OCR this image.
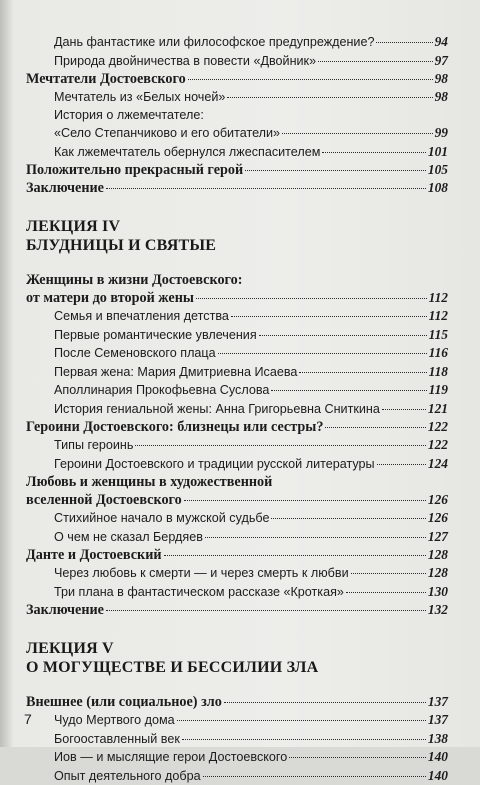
Дань фантастике или философское предупреждение?	94
Природа двойничества в повести «Двойник»	97
Мечтатели Достоевского	98
Мечтатель из «Белых ночей»	98
История о лжемечтателе:
«Село Степанчиково и его обитатели»	99
Как лжемечтатель обернулся лжеспасителем	101
Положительно прекрасный герой	105
Заключение	108
ЛЕКЦИЯ IV
БЛУДНИЦЫ И СВЯТЫЕ
Женщины в жизни Достоевского:
от матери до второй жены	112
Семья и впечатления детства	112
Первые романтические увлечения	115
После Семеновского плаца	116
Первая жена: Мария Дмитриевна Исаева	118
Аполлинария Прокофьевна Суслова	119
История гениальной жены: Анна Григорьевна Сниткина	121
Героини Достоевского: близнецы или сестры?	122
Типы героинь	122
Героини Достоевского и традиции русской литературы	124
Любовь и женщины в художественной
вселенной Достоевского	126
Стихийное начало в мужской судьбе	126
О чем не сказал Бердяев	127
Данте и Достоевский	128
Через любовь к смерти — и через смерть к любви	128
Три плана в фантастическом рассказе «Кроткая»	130
Заключение	132
ЛЕКЦИЯ V
О МОГУЩЕСТВЕ И БЕССИЛИИ ЗЛА
Внешнее (или социальное) зло	137
Чудо Мертвого дома	137
Богооставленный век	138
Иов — и мыслящие герои Достоевского	140
Опыт деятельного добра	140
7
